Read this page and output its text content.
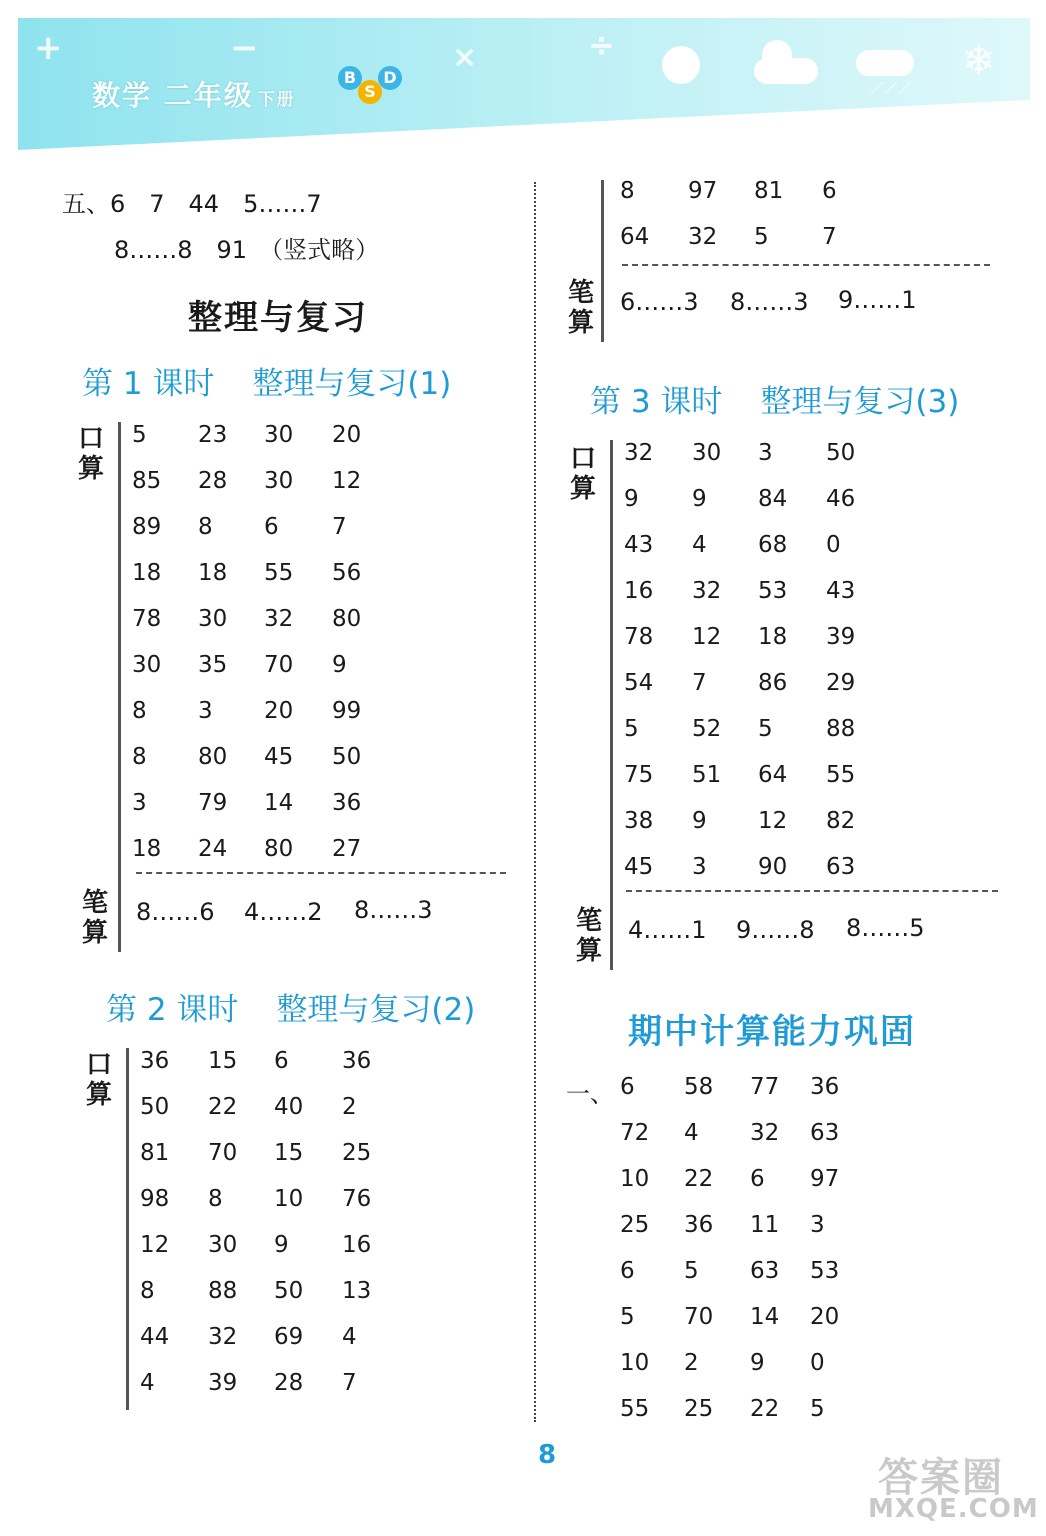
+	−	×	÷
数学 二年级 下册
BSD
／／／
❄
五、6　7　44　5……7
8……8　91　（竖式略）
整理与复习
第 1 课时 整理与复习(1)
口
算
5 23 30 20
85 28 30 12
89 8 6 7
18 18 55 56
78 30 32 80
30 35 70 9
8 3 20 99
8 80 45 50
3 79 14 36
18 24 80 27
笔
算
8……6 4……2 8……3
第 2 课时 整理与复习(2)
口
算
36 15 6 36
50 22 40 2
81 70 15 25
98 8 10 76
12 30 9 16
8 88 50 13
44 32 69 4
4 39 28 7
8 97 81 6
64 32 5 7
笔
算
6……3 8……3 9……1
第 3 课时 整理与复习(3)
口
算
32 30 3 50
9 9 84 46
43 4 68 0
16 32 53 43
78 12 18 39
54 7 86 29
5 52 5 88
75 51 64 55
38 9 12 82
45 3 90 63
笔
算
4……1 9……8 8……5
期中计算能力巩固
一、 6 58 77 36
72 4 32 63
10 22 6 97
25 36 11 3
6 5 63 53
5 70 14 20
10 2 9 0
55 25 22 5
8	答案圈
MXQE.COM
